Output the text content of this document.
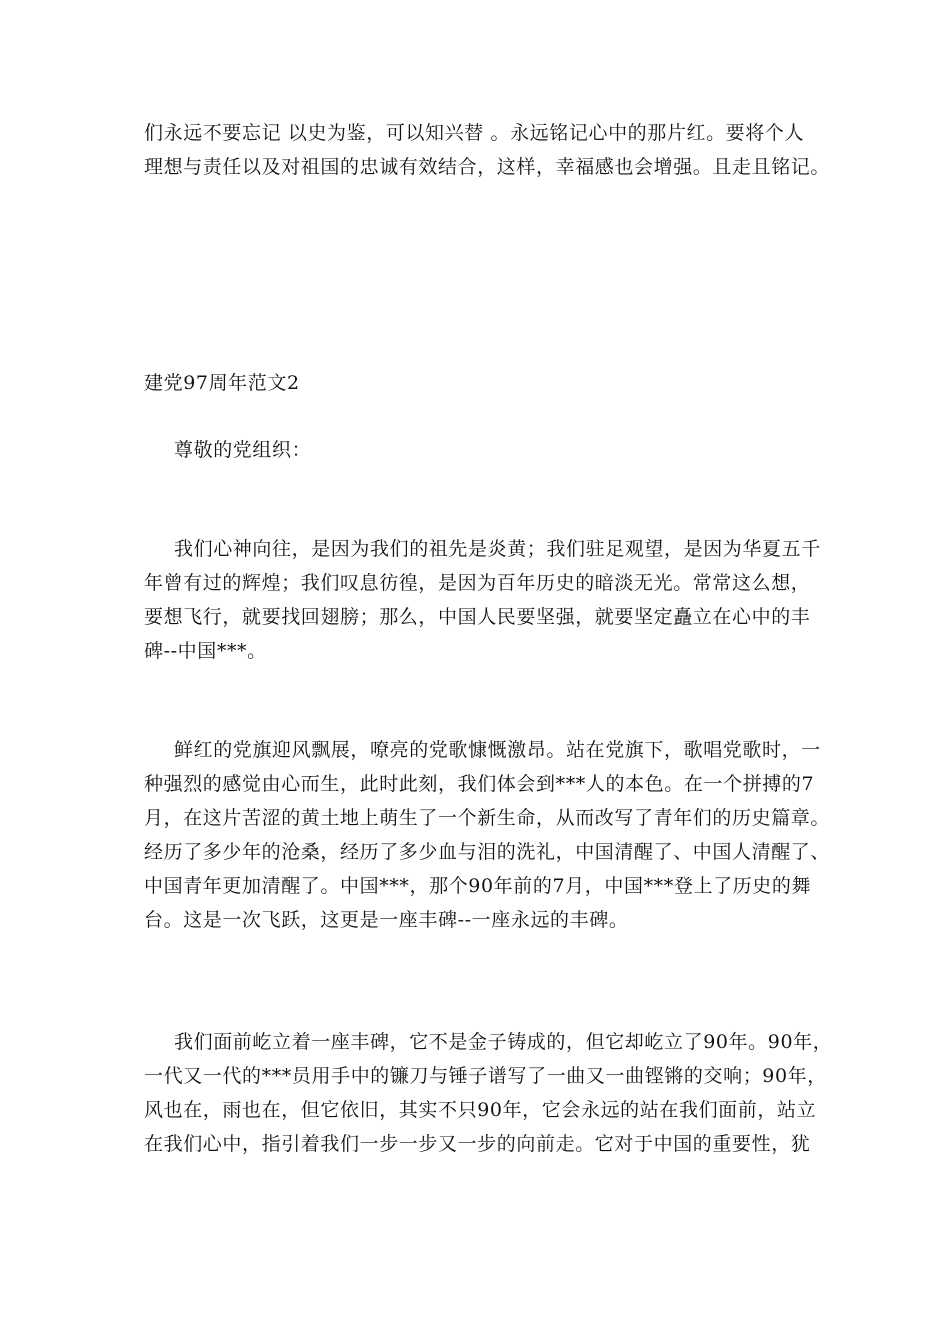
们永远不要忘记 以史为鉴，可以知兴替 。永远铭记心中的那片红。要将个人
理想与责任以及对祖国的忠诚有效结合，这样，幸福感也会增强。且走且铭记。
建党97周年范文2
尊敬的党组织：
我们心神向往，是因为我们的祖先是炎黄；我们驻足观望，是因为华夏五千
年曾有过的辉煌；我们叹息彷徨，是因为百年历史的暗淡无光。常常这么想，
要想飞行，就要找回翅膀；那么，中国人民要坚强，就要坚定矗立在心中的丰
碑--中国***。
鲜红的党旗迎风飘展，嘹亮的党歌慷慨激昂。站在党旗下，歌唱党歌时，一
种强烈的感觉由心而生，此时此刻，我们体会到***人的本色。在一个拼搏的7
月，在这片苦涩的黄土地上萌生了一个新生命，从而改写了青年们的历史篇章。
经历了多少年的沧桑，经历了多少血与泪的洗礼，中国清醒了、中国人清醒了、
中国青年更加清醒了。中国***，那个90年前的7月，中国***登上了历史的舞
台。这是一次飞跃，这更是一座丰碑--一座永远的丰碑。
我们面前屹立着一座丰碑，它不是金子铸成的，但它却屹立了90年。90年，
一代又一代的***员用手中的镰刀与锤子谱写了一曲又一曲铿锵的交响；90年，
风也在，雨也在，但它依旧，其实不只90年，它会永远的站在我们面前，站立
在我们心中，指引着我们一步一步又一步的向前走。它对于中国的重要性，犹
